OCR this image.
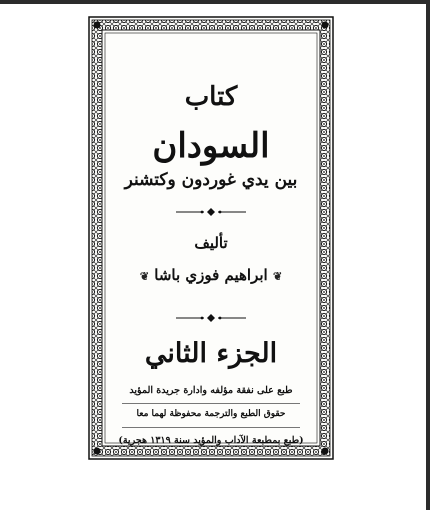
كتاب
السودان
بين يدي غوردون وكتشنر
تأليف
❦ ابراهيم فوزي باشا ❦
الجزء الثاني
طبع على نفقة مؤلفه وادارة جريدة المؤيد
حقوق الطبع والترجمة محفوظة لهما معا
(طبع بمطبعة الآداب والمؤيد سنة ١٣١٩ هجرية)
